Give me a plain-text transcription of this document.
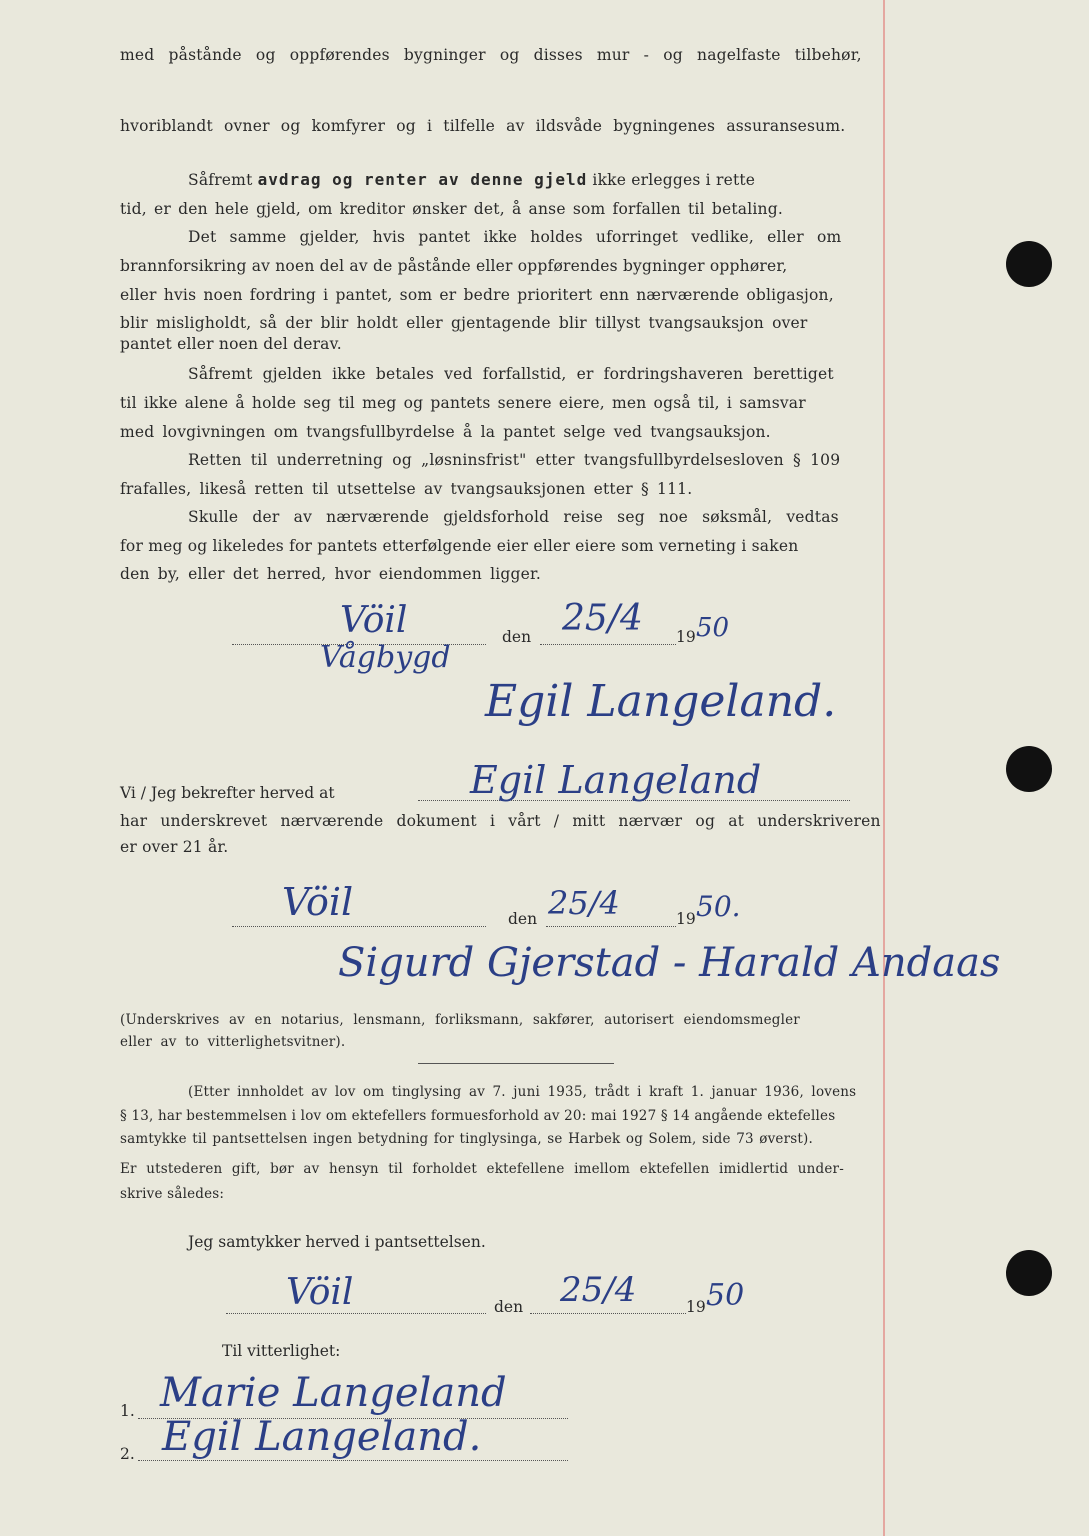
med påstånde og oppførendes bygninger og disses mur - og nagelfaste tilbehør,
hvoriblandt ovner og komfyrer og i tilfelle av ildsvåde bygningenes assuransesum.
Såfremt avdrag og renter av denne gjeld ikke erlegges i rette
tid, er den hele gjeld, om kreditor ønsker det, å anse som forfallen til betaling.
Det samme gjelder, hvis pantet ikke holdes uforringet vedlike, eller om
brannforsikring av noen del av de påstånde eller oppførendes bygninger opphører,
eller hvis noen fordring i pantet, som er bedre prioritert enn nærværende obligasjon,
blir misligholdt, så der blir holdt eller gjentagende blir tillyst tvangsauksjon over
pantet eller noen del derav.
Såfremt gjelden ikke betales ved forfallstid, er fordringshaveren berettiget
til ikke alene å holde seg til meg og pantets senere eiere, men også til, i samsvar
med lovgivningen om tvangsfullbyrdelse å la pantet selge ved tvangsauksjon.
Retten til underretning og „løsninsfrist" etter tvangsfullbyrdelsesloven § 109
frafalles, likeså retten til utsettelse av tvangsauksjonen etter § 111.
Skulle der av nærværende gjeldsforhold reise seg noe søksmål, vedtas
for meg og likeledes for pantets etterfølgende eier eller eiere som verneting i saken
den by, eller det herred, hvor eiendommen ligger.
Vöil
Vågbygd
den 25/4 19 50
Egil Langeland.
Vi / Jeg bekrefter herved at	Egil Langeland
har underskrevet nærværende dokument i vårt / mitt nærvær og at underskriveren
er over 21 år.
Vöil	den 25/4	19 50.
Sigurd Gjerstad - Harald Andaas
(Underskrives av en notarius, lensmann, forliksmann, sakfører, autorisert eiendomsmegler
eller av to vitterlighetsvitner).
(Etter innholdet av lov om tinglysing av 7. juni 1935, trådt i kraft 1. januar 1936, lovens
§ 13, har bestemmelsen i lov om ektefellers formuesforhold av 20: mai 1927 § 14 angående ektefelles
samtykke til pantsettelsen ingen betydning for tinglysinga, se Harbek og Solem, side 73 øverst).
Er utstederen gift, bør av hensyn til forholdet ektefellene imellom ektefellen imidlertid under-
skrive således:
Jeg samtykker herved i pantsettelsen.
Vöil	den 25/4	19 50
Til vitterlighet:
1. Marie Langeland
2. Egil Langeland.
